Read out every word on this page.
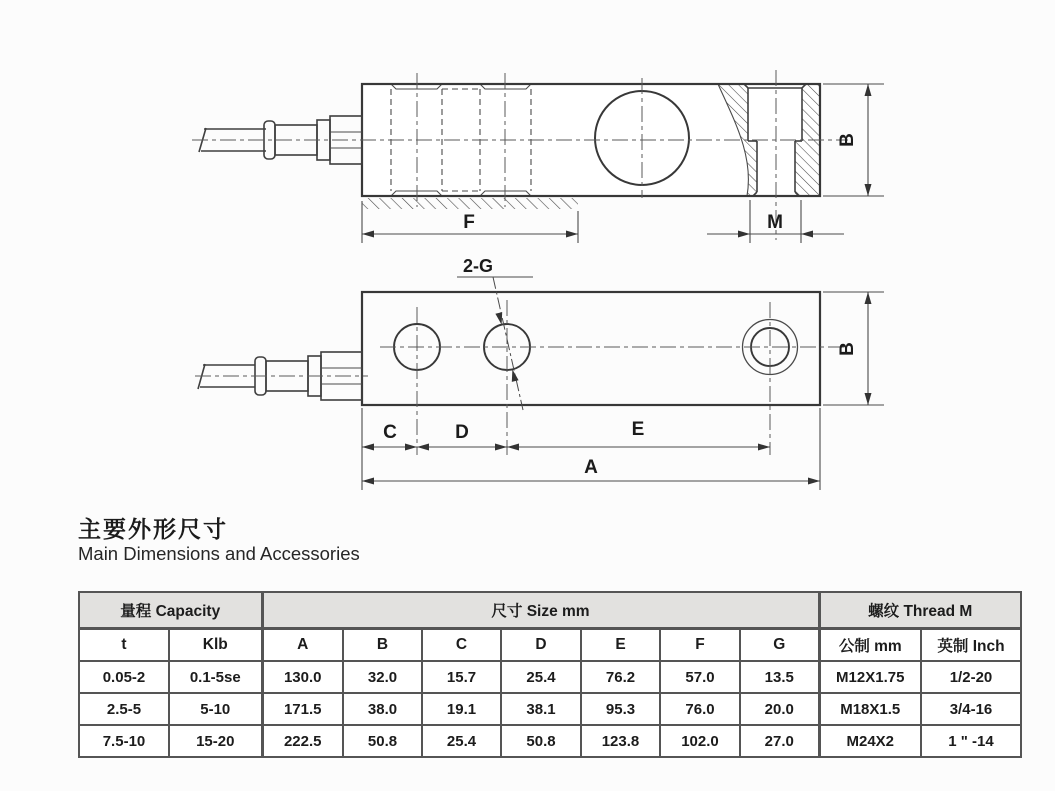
F	M
B
2-G
C	D	E
A
B
主要外形尺寸
Main Dimensions and Accessories
量程 Capacity		尺寸 Size mm							螺纹 Thread M	
t	Klb	A	B	C	D	E	F	G	公制 mm	英制 Inch
0.05-2	0.1-5se	130.0	32.0	15.7	25.4	76.2	57.0	13.5	M12X1.75	1/2-20
2.5-5	5-10	171.5	38.0	19.1	38.1	95.3	76.0	20.0	M18X1.5	3/4-16
7.5-10	15-20	222.5	50.8	25.4	50.8	123.8	102.0	27.0	M24X2	1 " -14
